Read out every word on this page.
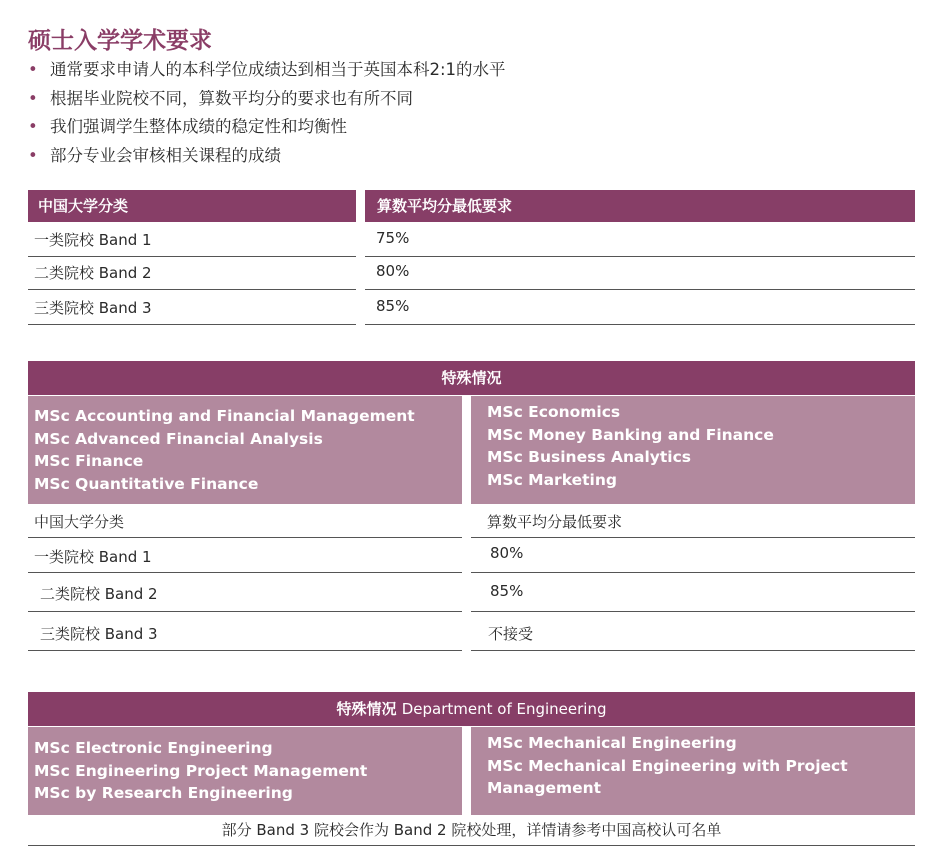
硕士入学学术要求
• 通常要求申请人的本科学位成绩达到相当于英国本科2:1的水平
• 根据毕业院校不同，算数平均分的要求也有所不同
• 我们强调学生整体成绩的稳定性和均衡性
• 部分专业会审核相关课程的成绩
中国大学分类	算数平均分最低要求
一类院校 Band 1	75%
二类院校 Band 2	80%
三类院校 Band 3	85%
特殊情况
MSc Accounting and Financial Management
MSc Advanced Financial Analysis
MSc Finance
MSc Quantitative Finance
MSc Economics
MSc Money Banking and Finance
MSc Business Analytics
MSc Marketing
中国大学分类	算数平均分最低要求
一类院校 Band 1	80%
二类院校 Band 2	85%
三类院校 Band 3	不接受
特殊情况 Department of Engineering
MSc Electronic Engineering
MSc Engineering Project Management
MSc by Research Engineering
MSc Mechanical Engineering
MSc Mechanical Engineering with Project Management
部分 Band 3 院校会作为 Band 2 院校处理，详情请参考中国高校认可名单
